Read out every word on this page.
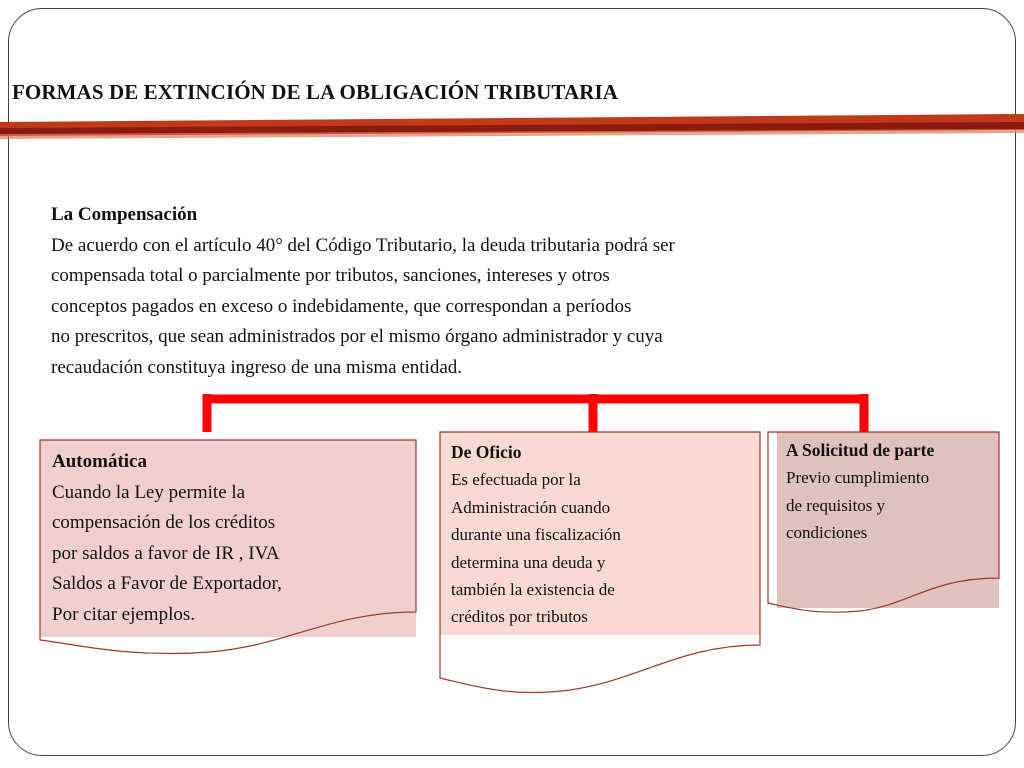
FORMAS DE EXTINCIÓN DE LA OBLIGACIÓN TRIBUTARIA
La Compensación
De acuerdo con el artículo 40° del Código Tributario, la deuda tributaria podrá ser
compensada total o parcialmente por tributos, sanciones, intereses y otros
conceptos pagados en exceso o indebidamente, que correspondan a períodos
no prescritos, que sean administrados por el mismo órgano administrador y cuya
recaudación constituya ingreso de una misma entidad.
Automática
Cuando la Ley permite la
compensación de los créditos
por saldos a favor de IR , IVA
Saldos a Favor de Exportador,
Por citar ejemplos.
De Oficio
Es efectuada por la
Administración cuando
durante una fiscalización
determina una deuda y
también la existencia de
créditos por tributos
A Solicitud de parte
Previo cumplimiento
de requisitos y
condiciones
